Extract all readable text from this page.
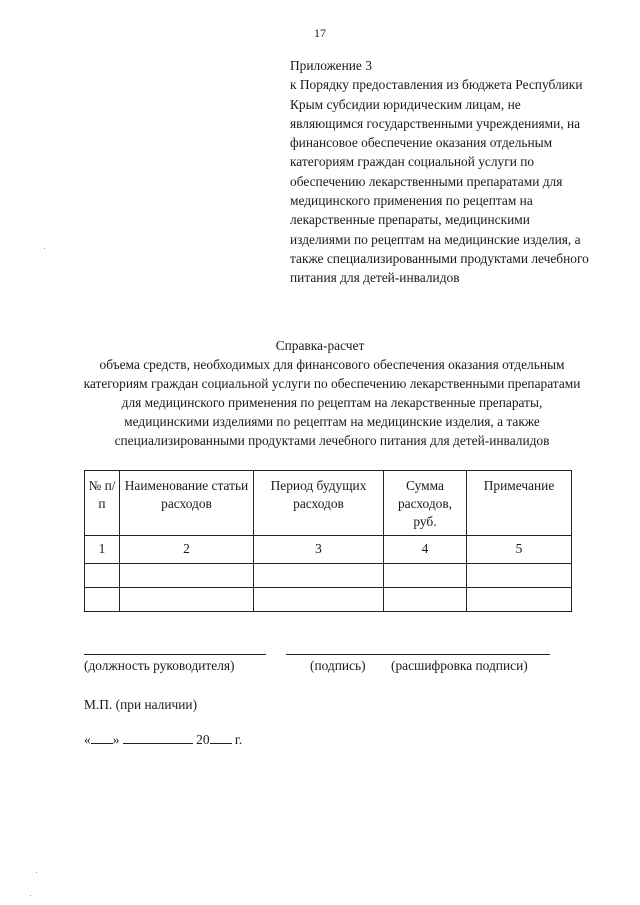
17

Приложение 3

к Порядку предоставления из бюджета Республики Крым субсидии юридическим лицам, не являющимся государственными учреждениями, на финансовое обеспечение оказания отдельным категориям граждан социальной услуги по обеспечению лекарственными препаратами для медицинского применения по рецептам на лекарственные препараты, медицинскими изделиями по рецептам на медицинские изделия, а также специализированными продуктами лечебного питания для детей-инвалидов

Справка-расчет
объема средств, необходимых для финансового обеспечения оказания отдельным категориям граждан социальной услуги по обеспечению лекарственными препаратами для медицинского применения по рецептам на лекарственные препараты, медицинскими изделиями по рецептам на медицинские изделия, а также специализированными продуктами лечебного питания для детей-инвалидов
№ п/п	Наименование статьи расходов	Период будущих расходов	Сумма расходов, руб.	Примечание
1	2	3	4	5

(должность руководителя)	(подпись) (расшифровка подписи)
М.П. (при наличии)
« »	20 г.
